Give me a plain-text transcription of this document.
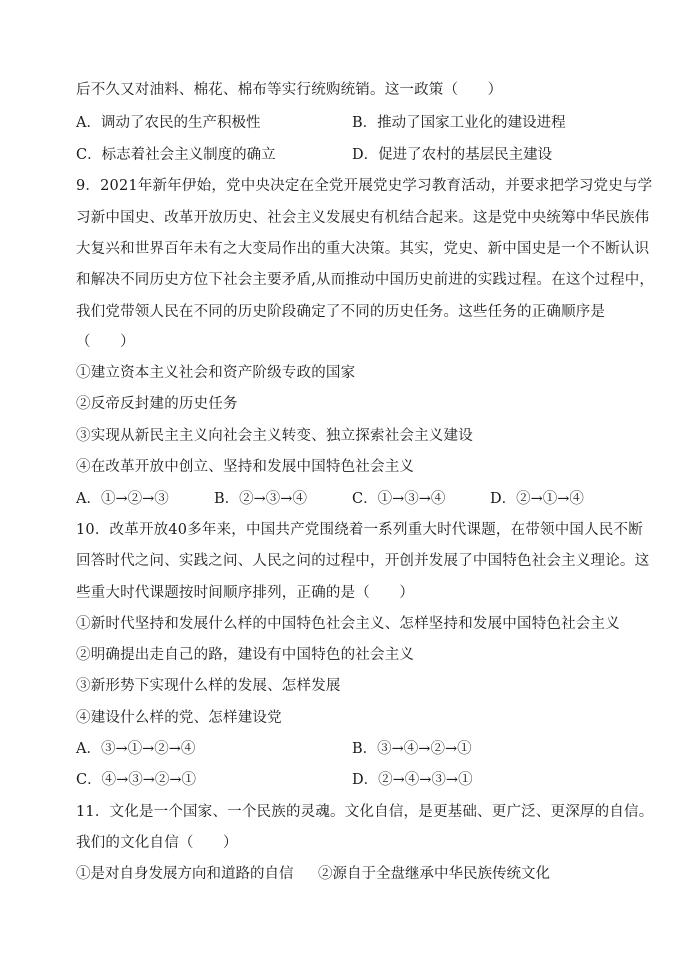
后不久又对油料、棉花、棉布等实行统购统销。这一政策（　　）
A．调动了农民的生产积极性	B．推动了国家工业化的建设进程
C．标志着社会主义制度的确立	D．促进了农村的基层民主建设
9．2021年新年伊始，党中央决定在全党开展党史学习教育活动，并要求把学习党史与学
习新中国史、改革开放历史、社会主义发展史有机结合起来。这是党中央统筹中华民族伟
大复兴和世界百年未有之大变局作出的重大决策。其实，党史、新中国史是一个不断认识
和解决不同历史方位下社会主要矛盾,从而推动中国历史前进的实践过程。在这个过程中，
我们党带领人民在不同的历史阶段确定了不同的历史任务。这些任务的正确顺序是
（　　）
①建立资本主义社会和资产阶级专政的国家
②反帝反封建的历史任务
③实现从新民主主义向社会主义转变、独立探索社会主义建设
④在改革开放中创立、坚持和发展中国特色社会主义
A．①→②→③	B．②→③→④	C．①→③→④	D．②→①→④
10．改革开放40多年来，中国共产党围绕着一系列重大时代课题，在带领中国人民不断
回答时代之问、实践之问、人民之问的过程中，开创并发展了中国特色社会主义理论。这
些重大时代课题按时间顺序排列，正确的是（　　）
①新时代坚持和发展什么样的中国特色社会主义、怎样坚持和发展中国特色社会主义
②明确提出走自己的路，建设有中国特色的社会主义
③新形势下实现什么样的发展、怎样发展
④建设什么样的党、怎样建设党
A．③→①→②→④	B．③→④→②→①
C．④→③→②→①	D．②→④→③→①
11．文化是一个国家、一个民族的灵魂。文化自信，是更基础、更广泛、更深厚的自信。
我们的文化自信（　　）
①是对自身发展方向和道路的自信 ②源自于全盘继承中华民族传统文化
